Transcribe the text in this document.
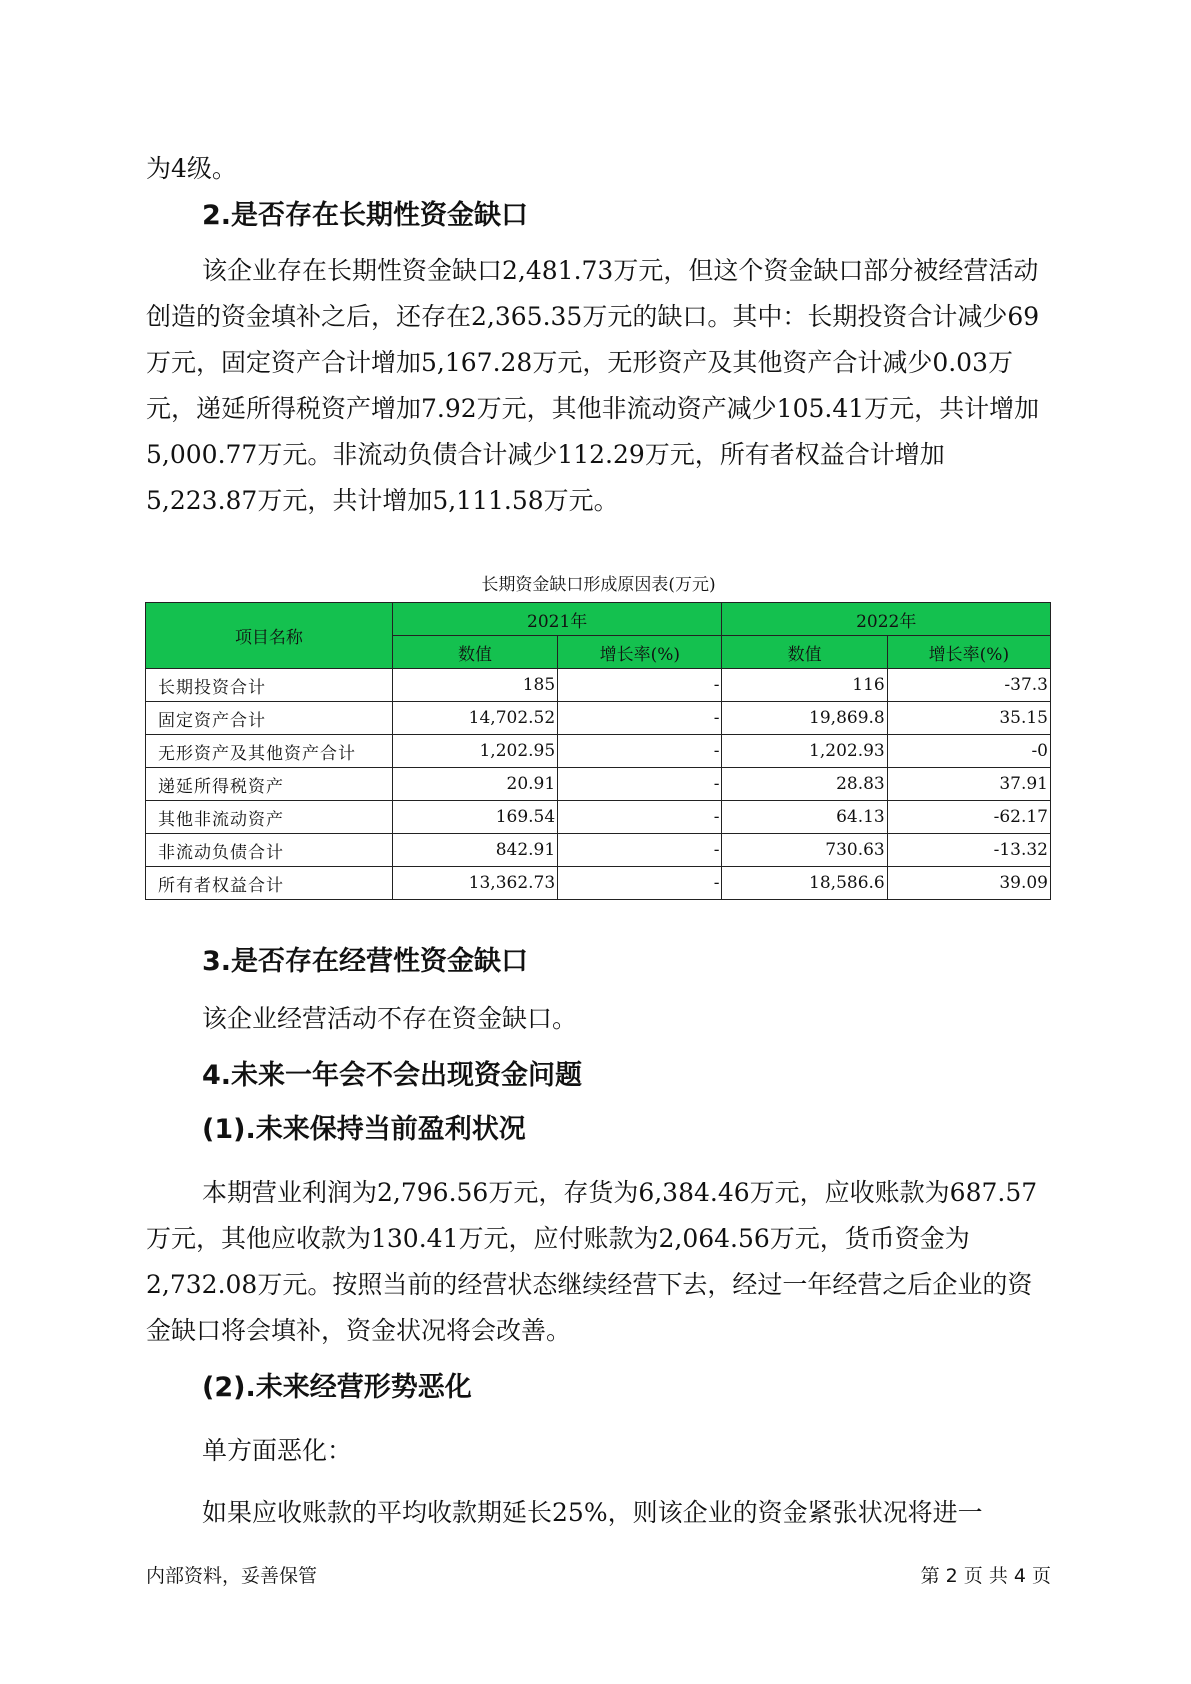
为4级。

2.是否存在长期性资金缺口

该企业存在长期性资金缺口2,481.73万元，但这个资金缺口部分被经营活动创造的资金填补之后，还存在2,365.35万元的缺口。其中：长期投资合计减少69万元，固定资产合计增加5,167.28万元，无形资产及其他资产合计减少0.03万元，递延所得税资产增加7.92万元，其他非流动资产减少105.41万元，共计增加5,000.77万元。非流动负债合计减少112.29万元，所有者权益合计增加5,223.87万元，共计增加5,111.58万元。

长期资金缺口形成原因表(万元)
项目名称	2021年		2022年	
	数值	增长率(%)	数值	增长率(%)
长期投资合计	185	-	116	-37.3
固定资产合计	14,702.52	-	19,869.8	35.15
无形资产及其他资产合计	1,202.95	-	1,202.93	-0
递延所得税资产	20.91	-	28.83	37.91
其他非流动资产	169.54	-	64.13	-62.17
非流动负债合计	842.91	-	730.63	-13.32
所有者权益合计	13,362.73	-	18,586.6	39.09
3.是否存在经营性资金缺口

该企业经营活动不存在资金缺口。

4.未来一年会不会出现资金问题
(1).未来保持当前盈利状况

本期营业利润为2,796.56万元，存货为6,384.46万元，应收账款为687.57万元，其他应收款为130.41万元，应付账款为2,064.56万元，货币资金为2,732.08万元。按照当前的经营状态继续经营下去，经过一年经营之后企业的资金缺口将会填补，资金状况将会改善。

(2).未来经营形势恶化

单方面恶化：

如果应收账款的平均收款期延长25%，则该企业的资金紧张状况将进一

内部资料，妥善保管	第 2 页 共 4 页
